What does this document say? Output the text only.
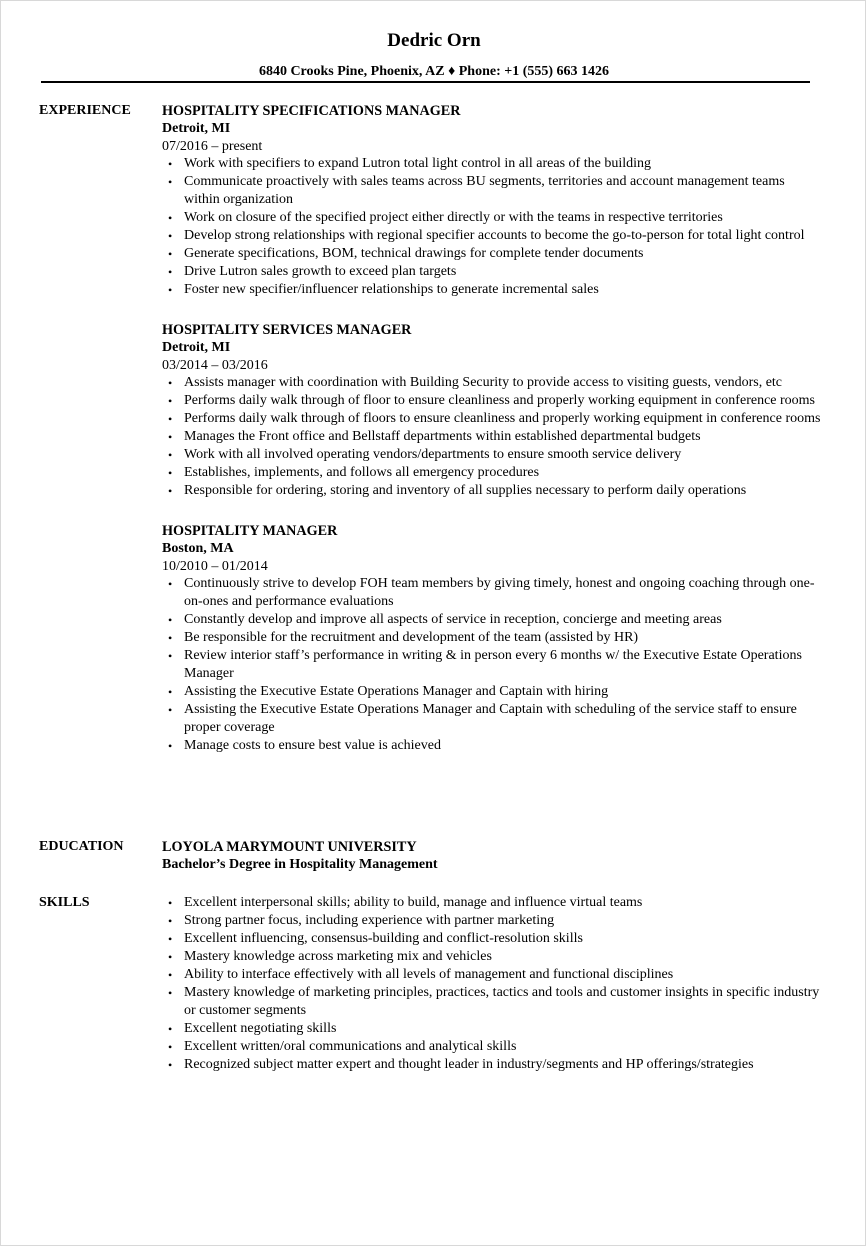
Dedric Orn
6840 Crooks Pine, Phoenix, AZ ♦ Phone: +1 (555) 663 1426
EXPERIENCE	HOSPITALITY SPECIFICATIONS MANAGER
Detroit, MI
07/2016 – present
• Work with specifiers to expand Lutron total light control in all areas of the building
• Communicate proactively with sales teams across BU segments, territories and account management teams within organization
• Work on closure of the specified project either directly or with the teams in respective territories
• Develop strong relationships with regional specifier accounts to become the go-to-person for total light control
• Generate specifications, BOM, technical drawings for complete tender documents
• Drive Lutron sales growth to exceed plan targets
• Foster new specifier/influencer relationships to generate incremental sales
HOSPITALITY SERVICES MANAGER
Detroit, MI
03/2014 – 03/2016
• Assists manager with coordination with Building Security to provide access to visiting guests, vendors, etc
• Performs daily walk through of floor to ensure cleanliness and properly working equipment in conference rooms
• Performs daily walk through of floors to ensure cleanliness and properly working equipment in conference rooms
• Manages the Front office and Bellstaff departments within established departmental budgets
• Work with all involved operating vendors/departments to ensure smooth service delivery
• Establishes, implements, and follows all emergency procedures
• Responsible for ordering, storing and inventory of all supplies necessary to perform daily operations
HOSPITALITY MANAGER
Boston, MA
10/2010 – 01/2014
• Continuously strive to develop FOH team members by giving timely, honest and ongoing coaching through one-on-ones and performance evaluations
• Constantly develop and improve all aspects of service in reception, concierge and meeting areas
• Be responsible for the recruitment and development of the team (assisted by HR)
• Review interior staff’s performance in writing & in person every 6 months w/ the Executive Estate Operations Manager
• Assisting the Executive Estate Operations Manager and Captain with hiring
• Assisting the Executive Estate Operations Manager and Captain with scheduling of the service staff to ensure proper coverage
• Manage costs to ensure best value is achieved
EDUCATION	LOYOLA MARYMOUNT UNIVERSITY
Bachelor’s Degree in Hospitality Management
SKILLS	• Excellent interpersonal skills; ability to build, manage and influence virtual teams
• Strong partner focus, including experience with partner marketing
• Excellent influencing, consensus-building and conflict-resolution skills
• Mastery knowledge across marketing mix and vehicles
• Ability to interface effectively with all levels of management and functional disciplines
• Mastery knowledge of marketing principles, practices, tactics and tools and customer insights in specific industry or customer segments
• Excellent negotiating skills
• Excellent written/oral communications and analytical skills
• Recognized subject matter expert and thought leader in industry/segments and HP offerings/strategies
